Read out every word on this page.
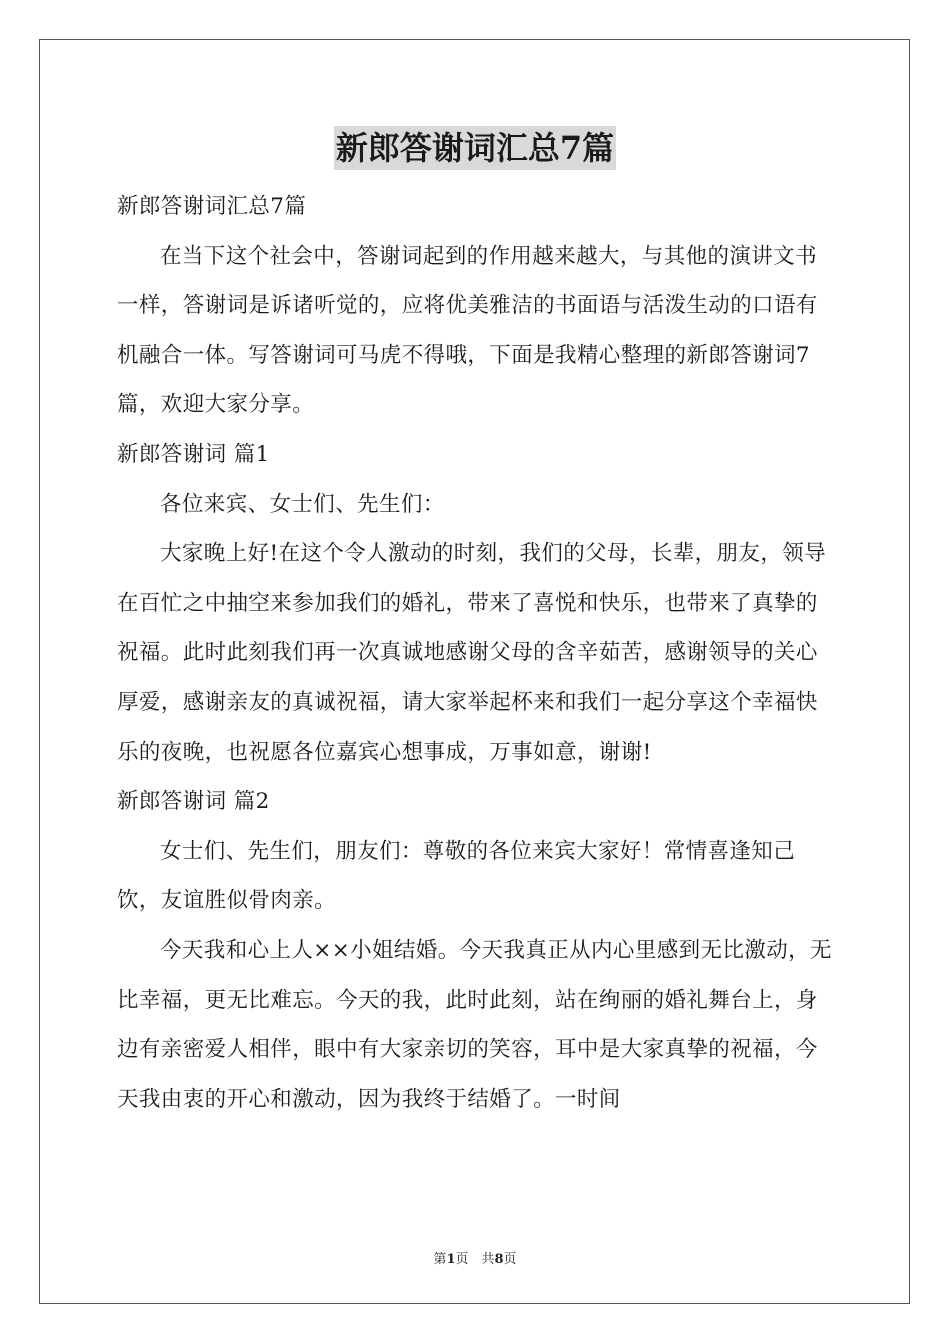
新郎答谢词汇总7篇

新郎答谢词汇总7篇

在当下这个社会中，答谢词起到的作用越来越大，与其他的演讲文书一样，答谢词是诉诸听觉的，应将优美雅洁的书面语与活泼生动的口语有机融合一体。写答谢词可马虎不得哦，下面是我精心整理的新郎答谢词7篇，欢迎大家分享。

新郎答谢词 篇1

各位来宾、女士们、先生们：

大家晚上好!在这个令人激动的时刻，我们的父母，长辈，朋友，领导在百忙之中抽空来参加我们的婚礼，带来了喜悦和快乐，也带来了真挚的祝福。此时此刻我们再一次真诚地感谢父母的含辛茹苦，感谢领导的关心厚爱，感谢亲友的真诚祝福，请大家举起杯来和我们一起分享这个幸福快乐的夜晚，也祝愿各位嘉宾心想事成，万事如意，谢谢!

新郎答谢词 篇2

女士们、先生们，朋友们：尊敬的各位来宾大家好！常情喜逢知己饮，友谊胜似骨肉亲。

今天我和心上人××小姐结婚。今天我真正从内心里感到无比激动，无比幸福，更无比难忘。今天的我，此时此刻，站在绚丽的婚礼舞台上，身边有亲密爱人相伴，眼中有大家亲切的笑容，耳中是大家真挚的祝福，今天我由衷的开心和激动，因为我终于结婚了。一时间

第1页　共8页
